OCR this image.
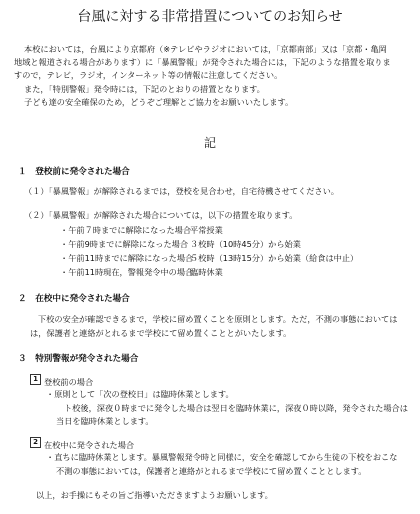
台風に対する非常措置についてのお知らせ
本校においては，台風により京都府（※テレビやラジオにおいては，「京都南部」又は「京都・亀岡
地域と報道される場合があります）に「暴風警報」が発令された場合には，下記のような措置を取りま
すので，テレビ，ラジオ，インターネット等の情報に注意してください。
また，「特別警報」発令時には，下記のとおりの措置となります。
子ども達の安全確保のため，どうぞご理解とご協力をお願いいたします。
記
１　登校前に発令された場合
（１）「暴風警報」が解除されるまでは，登校を見合わせ，自宅待機させてください。
（２）「暴風警報」が解除された場合については，以下の措置を取ります。
・午前７時までに解除になった場合
平常授業
・午前9時までに解除になった場合 ３校時（10時45分）から始業
・午前11時までに解除になった場合
５校時（13時15分）から始業（給食は中止）
・午前11時現在，警報発令中の場合
臨時休業
２　在校中に発令された場合
下校の安全が確認できるまで，学校に留め置くことを原則とします。ただ，不測の事態においては
は，保護者と連絡がとれるまで学校にて留め置くこととがいたします。
３　特別警報が発令された場合
1 登校前の場合
・原則として「次の登校日」は臨時休業とします。
ト校後，深夜０時までに発令した場合は翌日を臨時休業に，深夜０時以降，発令された場合は
当日を臨時休業とします。
2 在校中に発令された場合
・直ちに臨時休業とします。暴風警報発令時と同様に，安全を確認してから生徒の下校をおこな
不測の事態においては，保護者と連絡がとれるまで学校にて留め置くこととします。
以上，お手操にもその旨ご指導いただきますようお願いします。
